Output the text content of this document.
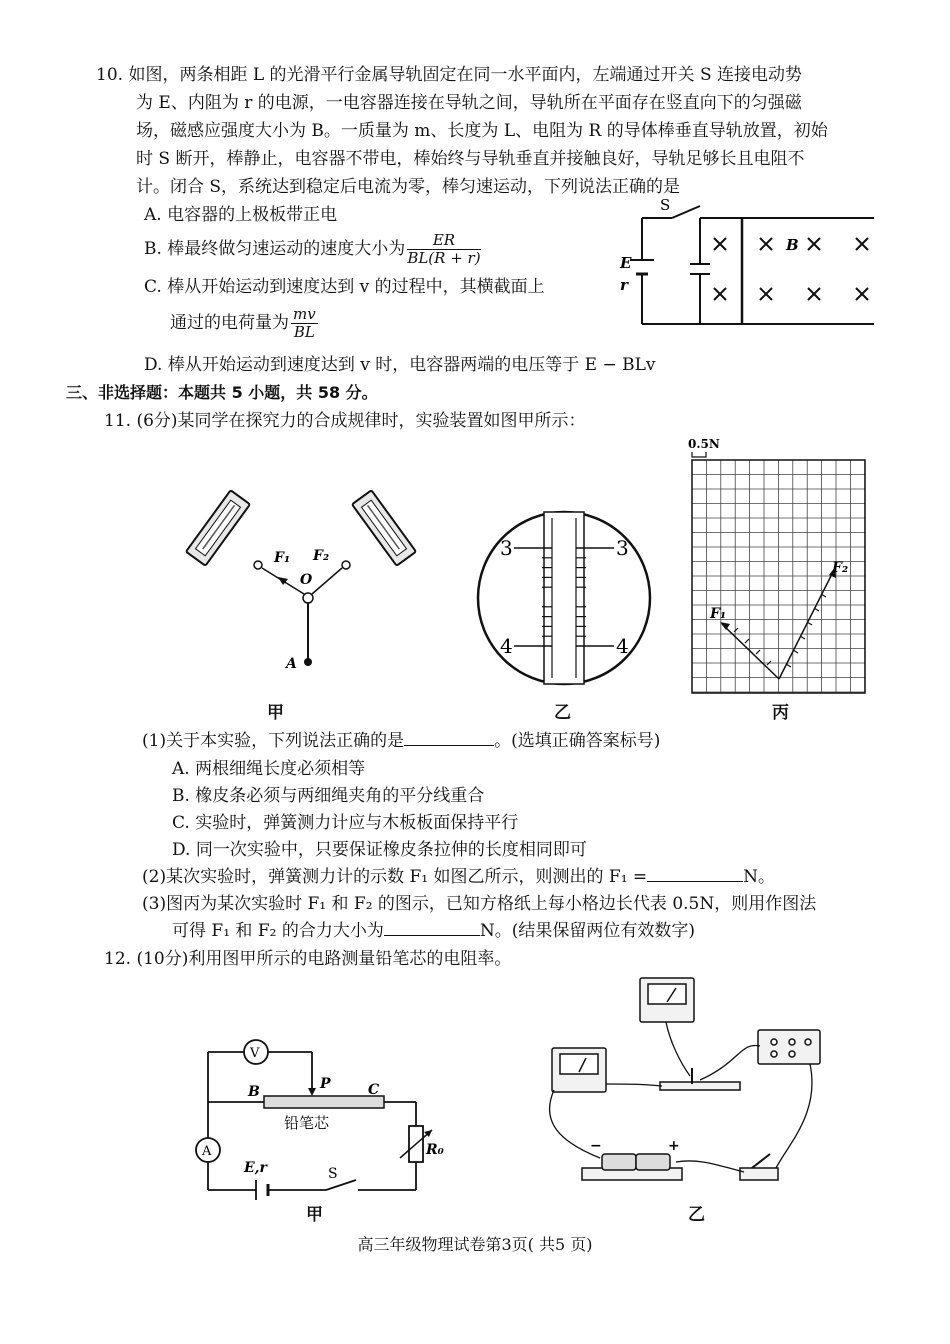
10. 如图，两条相距 L 的光滑平行金属导轨固定在同一水平面内，左端通过开关 S 连接电动势
为 E、内阻为 r 的电源，一电容器连接在导轨之间，导轨所在平面存在竖直向下的匀强磁
场，磁感应强度大小为 B。一质量为 m、长度为 L、电阻为 R 的导体棒垂直导轨放置，初始
时 S 断开，棒静止，电容器不带电，棒始终与导轨垂直并接触良好，导轨足够长且电阻不
计。闭合 S，系统达到稳定后电流为零，棒匀速运动，下列说法正确的是
A. 电容器的上极板带正电
B. 棒最终做匀速运动的速度大小为 $\frac{ER}{BL(R + r)}$
C. 棒从开始运动到速度达到 v 的过程中，其横截面上
通过的电荷量为 $\frac{mv}{BL}$
D. 棒从开始运动到速度达到 v 时，电容器两端的电压等于 E − BLv
S
E
r
B
三、非选择题：本题共 5 小题，共 58 分。
11. (6分)某同学在探究力的合成规律时，实验装置如图甲所示：
F₁ F₂
O
A
甲
3	3
4	4
乙
0.5N
F₁
F₂
丙
(1)关于本实验，下列说法正确的是	。(选填正确答案标号)
A. 两根细绳长度必须相等
B. 橡皮条必须与两细绳夹角的平分线重合
C. 实验时，弹簧测力计应与木板板面保持平行
D. 同一次实验中，只要保证橡皮条拉伸的长度相同即可
(2)某次实验时，弹簧测力计的示数 F₁ 如图乙所示，则测出的 F₁ =	N。
(3)图丙为某次实验时 F₁ 和 F₂ 的图示，已知方格纸上每小格边长代表 0.5N，则用作图法
可得 F₁ 和 F₂ 的合力大小为	N。(结果保留两位有效数字)
12. (10分)利用图甲所示的电路测量铅笔芯的电阻率。
V
A
B	P	C
铅笔芯
R₀
E,r	S
甲
−	+
乙
高三年级物理试卷第3页( 共5 页)
